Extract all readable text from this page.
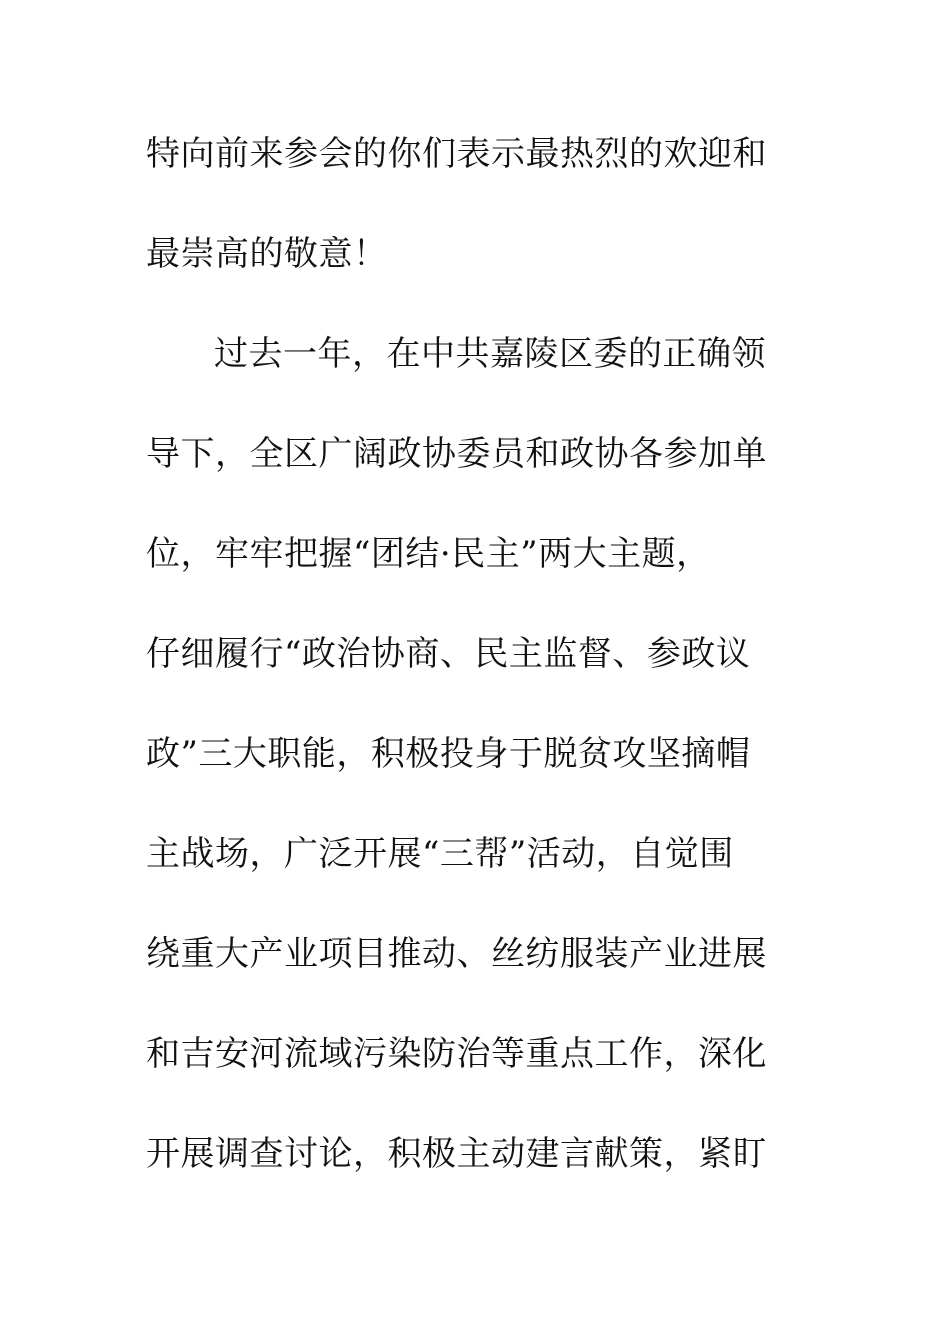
特向前来参会的你们表示最热烈的欢迎和
最崇高的敬意！
过去一年，在中共嘉陵区委的正确领
导下，全区广阔政协委员和政协各参加单
位，牢牢把握“团结·民主”两大主题，
仔细履行“政治协商、民主监督、参政议
政”三大职能，积极投身于脱贫攻坚摘帽
主战场，广泛开展“三帮”活动，自觉围
绕重大产业项目推动、丝纺服装产业进展
和吉安河流域污染防治等重点工作，深化
开展调查讨论，积极主动建言献策，紧盯
